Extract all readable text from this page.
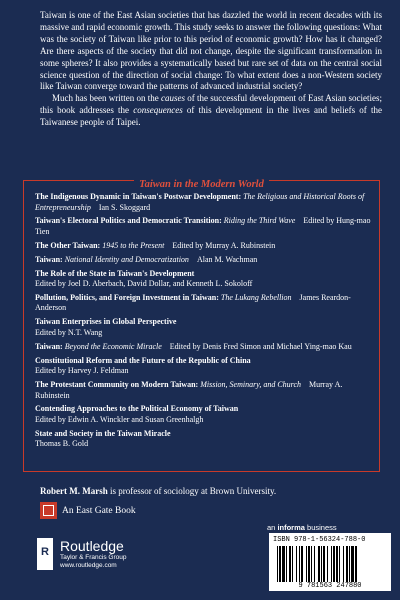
Taiwan is one of the East Asian societies that has dazzled the world in recent decades with its massive and rapid economic growth. This study seeks to answer the following questions: What was the society of Taiwan like prior to this period of economic growth? How has it changed? Are there aspects of the society that did not change, despite the significant transformation in some spheres? It also provides a systematically based but rare set of data on the central social science question of the direction of social change: To what extent does a non-Western society like Taiwan converge toward the patterns of advanced industrial society?

Much has been written on the causes of the successful development of East Asian societies; this book addresses the consequences of this development in the lives and beliefs of the Taiwanese people of Taipei.

Taiwan in the Modern World
The Indigenous Dynamic in Taiwan's Postwar Development: The Religious and Historical Roots of Entrepreneurship  Ian S. Skoggard
Taiwan's Electoral Politics and Democratic Transition: Riding the Third Wave  Edited by Hung-mao Tien
The Other Taiwan: 1945 to the Present  Edited by Murray A. Rubinstein
Taiwan: National Identity and Democratization  Alan M. Wachman
The Role of the State in Taiwan's Development
Edited by Joel D. Aberbach, David Dollar, and Kenneth L. Sokoloff
Pollution, Politics, and Foreign Investment in Taiwan: The Lukang Rebellion  James Reardon-Anderson
Taiwan Enterprises in Global Perspective
Edited by N.T. Wang
Taiwan: Beyond the Economic Miracle  Edited by Denis Fred Simon and Michael Ying-mao Kau
Constitutional Reform and the Future of the Republic of China
Edited by Harvey J. Feldman
The Protestant Community on Modern Taiwan: Mission, Seminary, and Church  Murray A. Rubinstein
Contending Approaches to the Political Economy of Taiwan
Edited by Edwin A. Winckler and Susan Greenhalgh
State and Society in the Taiwan Miracle
Thomas B. Gold
Robert M. Marsh is professor of sociology at Brown University.
An East Gate Book
an informa business
ISBN 978-1-56324-788-0
9 781563 247880
R Routledge
Taylor & Francis Group
www.routledge.com
